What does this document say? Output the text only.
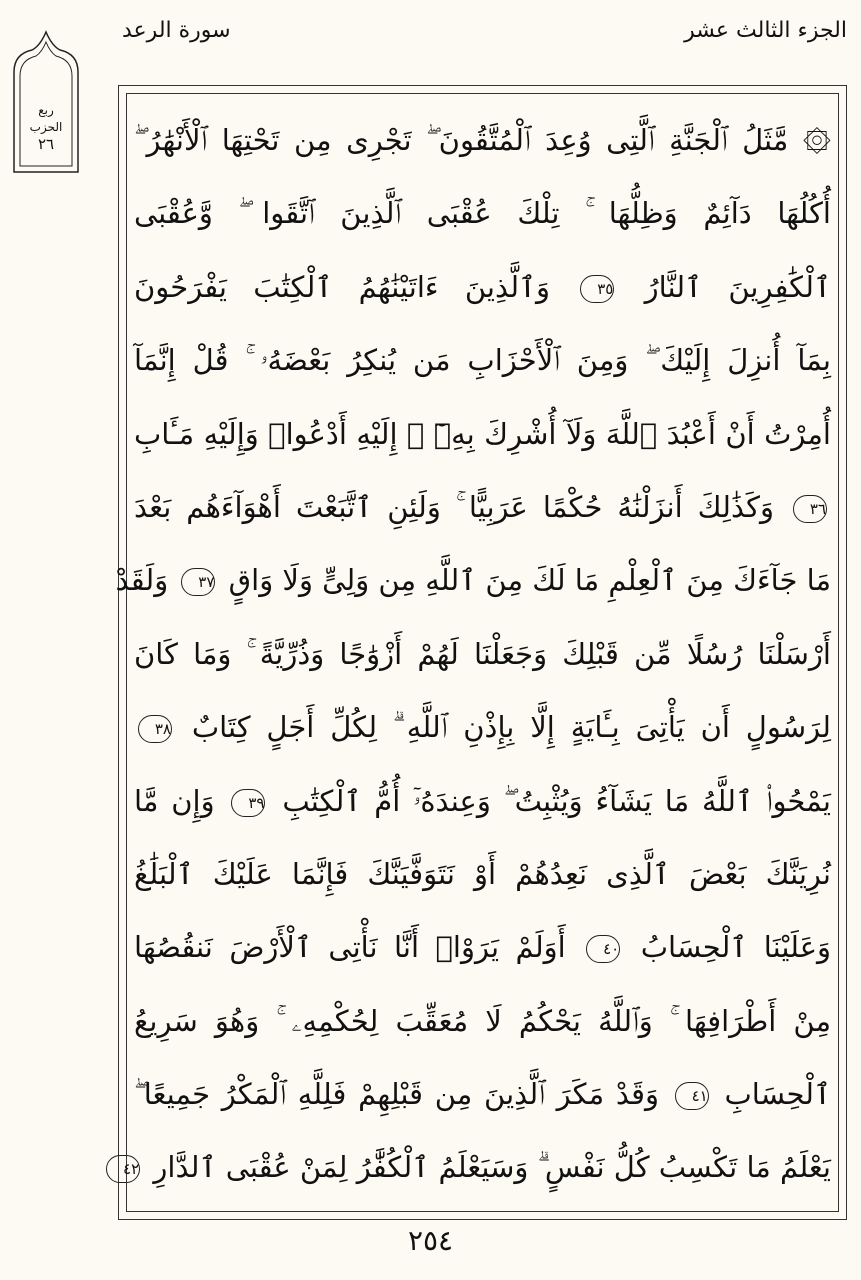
الجزء الثالث عشر
سورة الرعد
ربع
الحزب
٢٦	۞ مَّثَلُ ٱلْجَنَّةِ ٱلَّتِى وُعِدَ ٱلْمُتَّقُونَ ۖ تَجْرِى مِن تَحْتِهَا ٱلْأَنْهَٰرُ ۖ
أُكُلُهَا دَآئِمٌ وَظِلُّهَا ۚ تِلْكَ عُقْبَى ٱلَّذِينَ ٱتَّقَوا ۖ وَّعُقْبَى
ٱلْكَٰفِرِينَ ٱلنَّارُ ٣٥ وَٱلَّذِينَ ءَاتَيْنَٰهُمُ ٱلْكِتَٰبَ يَفْرَحُونَ
بِمَآ أُنزِلَ إِلَيْكَ ۖ وَمِنَ ٱلْأَحْزَابِ مَن يُنكِرُ بَعْضَهُۥ ۚ قُلْ إِنَّمَآ
أُمِرْتُ أَنْ أَعْبُدَ ٱللَّهَ وَلَآ أُشْرِكَ بِهِۦٓ ۚ إِلَيْهِ أَدْعُوا۟ وَإِلَيْهِ مَـَٔابِ
٣٦ وَكَذَٰلِكَ أَنزَلْنَٰهُ حُكْمًا عَرَبِيًّا ۚ وَلَئِنِ ٱتَّبَعْتَ أَهْوَآءَهُم بَعْدَ
مَا جَآءَكَ مِنَ ٱلْعِلْمِ مَا لَكَ مِنَ ٱللَّهِ مِن وَلِىٍّ وَلَا وَاقٍ ٣٧ وَلَقَدْ
أَرْسَلْنَا رُسُلًا مِّن قَبْلِكَ وَجَعَلْنَا لَهُمْ أَزْوَٰجًا وَذُرِّيَّةً ۚ وَمَا كَانَ
لِرَسُولٍ أَن يَأْتِىَ بِـَٔايَةٍ إِلَّا بِإِذْنِ ٱللَّهِ ۗ لِكُلِّ أَجَلٍ كِتَابٌ ٣٨
يَمْحُوا۟ ٱللَّهُ مَا يَشَآءُ وَيُثْبِتُ ۖ وَعِندَهُۥٓ أُمُّ ٱلْكِتَٰبِ ٣٩ وَإِن مَّا
نُرِيَنَّكَ بَعْضَ ٱلَّذِى نَعِدُهُمْ أَوْ نَتَوَفَّيَنَّكَ فَإِنَّمَا عَلَيْكَ ٱلْبَلَٰغُ
وَعَلَيْنَا ٱلْحِسَابُ ٤٠ أَوَلَمْ يَرَوْا۟ أَنَّا نَأْتِى ٱلْأَرْضَ نَنقُصُهَا
مِنْ أَطْرَافِهَا ۚ وَٱللَّهُ يَحْكُمُ لَا مُعَقِّبَ لِحُكْمِهِۦ ۚ وَهُوَ سَرِيعُ
ٱلْحِسَابِ ٤١ وَقَدْ مَكَرَ ٱلَّذِينَ مِن قَبْلِهِمْ فَلِلَّهِ ٱلْمَكْرُ جَمِيعًا ۖ
يَعْلَمُ مَا تَكْسِبُ كُلُّ نَفْسٍ ۗ وَسَيَعْلَمُ ٱلْكُفَّٰرُ لِمَنْ عُقْبَى ٱلدَّارِ ٤٢
٢٥٤
